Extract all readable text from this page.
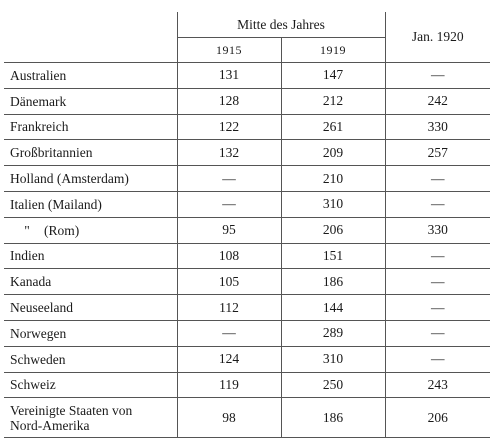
	Mitte des Jahres		Jan. 1920
	1915	1919	
Australien	131	147	—
Dänemark	128	212	242
Frankreich	122	261	330
Großbritannien	132	209	257
Holland (Amsterdam)	—	210	—
Italien (Mailand)	—	310	—
" (Rom)	95	206	330
Indien	108	151	—
Kanada	105	186	—
Neuseeland	112	144	—
Norwegen	—	289	—
Schweden	124	310	—
Schweiz	119	250	243
Vereinigte Staaten von
Nord-Amerika	98	186	206
